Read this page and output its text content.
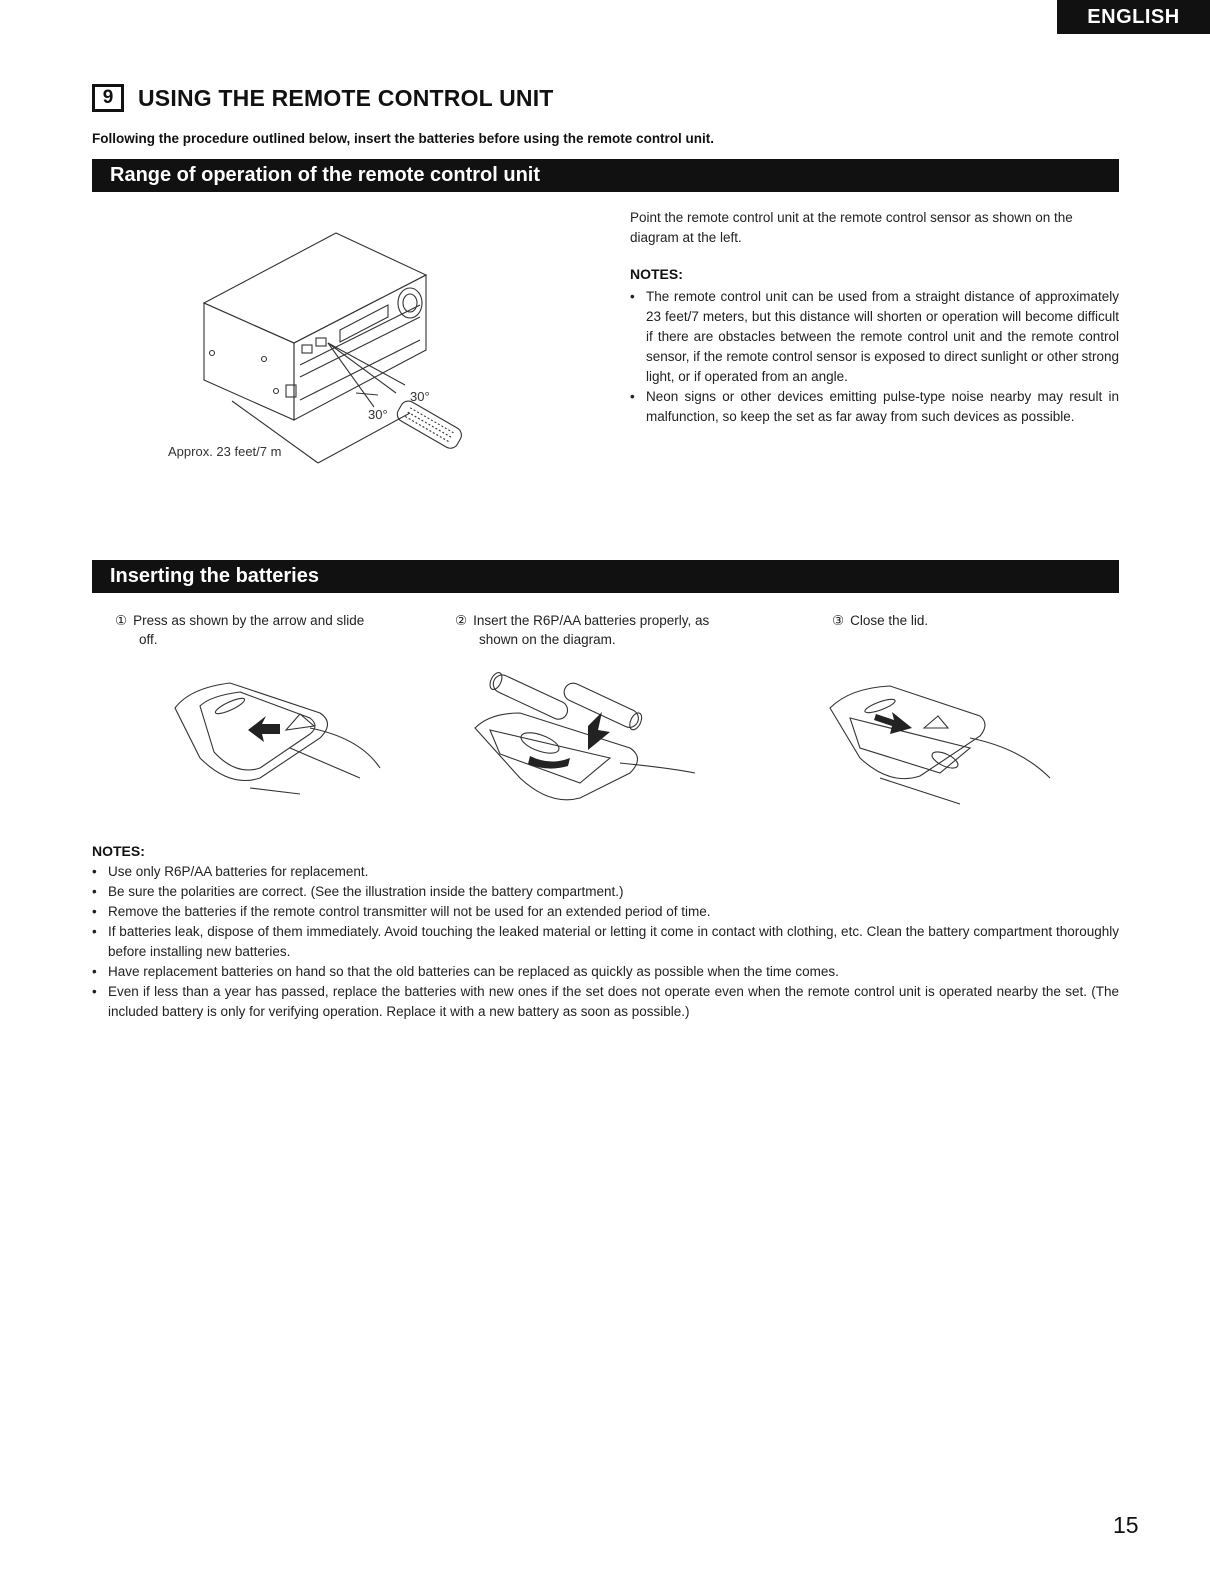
ENGLISH
9	USING THE REMOTE CONTROL UNIT
Following the procedure outlined below, insert the batteries before using the remote control unit.
Range of operation of the remote control unit
30°
30°
Approx. 23 feet/7 m
Point the remote control unit at the remote control sensor as shown on the diagram at the left.
NOTES:
• The remote control unit can be used from a straight distance of approximately 23 feet/7 meters, but this distance will shorten or operation will become difficult if there are obstacles between the remote control unit and the remote control sensor, if the remote control sensor is exposed to direct sunlight or other strong light, or if operated from an angle.
• Neon signs or other devices emitting pulse-type noise nearby may result in malfunction, so keep the set as far away from such devices as possible.
Inserting the batteries
① Press as shown by the arrow and slide
off.
② Insert the R6P/AA batteries properly, as
shown on the diagram.
③ Close the lid.
NOTES:
• Use only R6P/AA batteries for replacement.
• Be sure the polarities are correct. (See the illustration inside the battery compartment.)
• Remove the batteries if the remote control transmitter will not be used for an extended period of time.
• If batteries leak, dispose of them immediately. Avoid touching the leaked material or letting it come in contact with clothing, etc. Clean the battery compartment thoroughly before installing new batteries.
• Have replacement batteries on hand so that the old batteries can be replaced as quickly as possible when the time comes.
• Even if less than a year has passed, replace the batteries with new ones if the set does not operate even when the remote control unit is operated nearby the set. (The included battery is only for verifying operation. Replace it with a new battery as soon as possible.)
15
